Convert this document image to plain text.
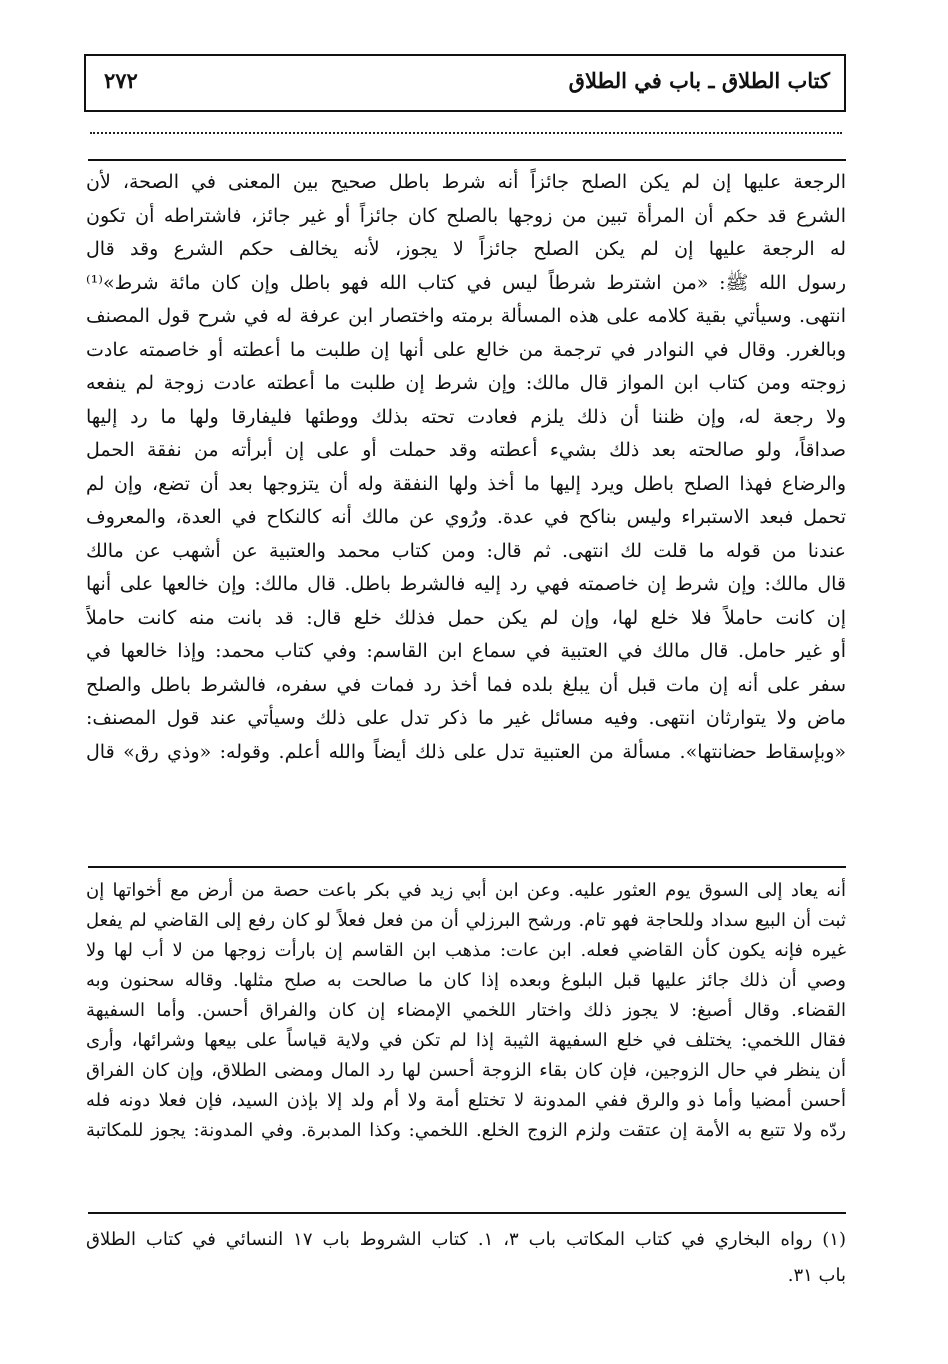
كتاب الطلاق ـ باب في الطلاق
٢٧٢
الرجعة عليها إن لم يكن الصلح جائزاً أنه شرط باطل صحيح بين المعنى في الصحة، لأن
الشرع قد حكم أن المرأة تبين من زوجها بالصلح كان جائزاً أو غير جائز، فاشتراطه أن تكون
له الرجعة عليها إن لم يكن الصلح جائزاً لا يجوز، لأنه يخالف حكم الشرع وقد قال
رسول الله ﷺ: «من اشترط شرطاً ليس في كتاب الله فهو باطل وإن كان مائة شرط»⁽¹⁾
انتهى. وسيأتي بقية كلامه على هذه المسألة برمته واختصار ابن عرفة له في شرح قول المصنف
وبالغرر. وقال في النوادر في ترجمة من خالع على أنها إن طلبت ما أعطته أو خاصمته عادت
زوجته ومن كتاب ابن المواز قال مالك: وإن شرط إن طلبت ما أعطته عادت زوجة لم ينفعه
ولا رجعة له، وإن ظننا أن ذلك يلزم فعادت تحته بذلك ووطئها فليفارقا ولها ما رد إليها
صداقاً، ولو صالحته بعد ذلك بشيء أعطته وقد حملت أو على إن أبرأته من نفقة الحمل
والرضاع فهذا الصلح باطل ويرد إليها ما أخذ ولها النفقة وله أن يتزوجها بعد أن تضع، وإن لم
تحمل فبعد الاستبراء وليس بناكح في عدة. ورُوي عن مالك أنه كالنكاح في العدة، والمعروف
عندنا من قوله ما قلت لك انتهى. ثم قال: ومن كتاب محمد والعتبية عن أشهب عن مالك
قال مالك: وإن شرط إن خاصمته فهي رد إليه فالشرط باطل. قال مالك: وإن خالعها على أنها
إن كانت حاملاً فلا خلع لها، وإن لم يكن حمل فذلك خلع قال: قد بانت منه كانت حاملاً
أو غير حامل. قال مالك في العتبية في سماع ابن القاسم: وفي كتاب محمد: وإذا خالعها في
سفر على أنه إن مات قبل أن يبلغ بلده فما أخذ رد فمات في سفره، فالشرط باطل والصلح
ماض ولا يتوارثان انتهى. وفيه مسائل غير ما ذكر تدل على ذلك وسيأتي عند قول المصنف:
«وبإسقاط حضانتها». مسألة من العتبية تدل على ذلك أيضاً والله أعلم. وقوله: «وذي رق» قال
أنه يعاد إلى السوق يوم العثور عليه. وعن ابن أبي زيد في بكر باعت حصة من أرض مع أخواتها إن
ثبت أن البيع سداد وللحاجة فهو تام. ورشح البرزلي أن من فعل فعلاً لو كان رفع إلى القاضي لم يفعل
غيره فإنه يكون كأن القاضي فعله. ابن عات: مذهب ابن القاسم إن بارأت زوجها من لا أب لها ولا
وصي أن ذلك جائز عليها قبل البلوغ وبعده إذا كان ما صالحت به صلح مثلها. وقاله سحنون وبه
القضاء. وقال أصبغ: لا يجوز ذلك واختار اللخمي الإمضاء إن كان والفراق أحسن. وأما السفيهة
فقال اللخمي: يختلف في خلع السفيهة الثيبة إذا لم تكن في ولاية قياساً على بيعها وشرائها، وأرى
أن ينظر في حال الزوجين، فإن كان بقاء الزوجة أحسن لها رد المال ومضى الطلاق، وإن كان الفراق
أحسن أمضيا وأما ذو والرق ففي المدونة لا تختلع أمة ولا أم ولد إلا بإذن السيد، فإن فعلا دونه فله
ردّه ولا تتبع به الأمة إن عتقت ولزم الزوج الخلع. اللخمي: وكذا المدبرة. وفي المدونة: يجوز للمكاتبة
(١) رواه البخاري في كتاب المكاتب باب ٣، ١. كتاب الشروط باب ١٧ النسائي في كتاب الطلاق
باب ٣١.
